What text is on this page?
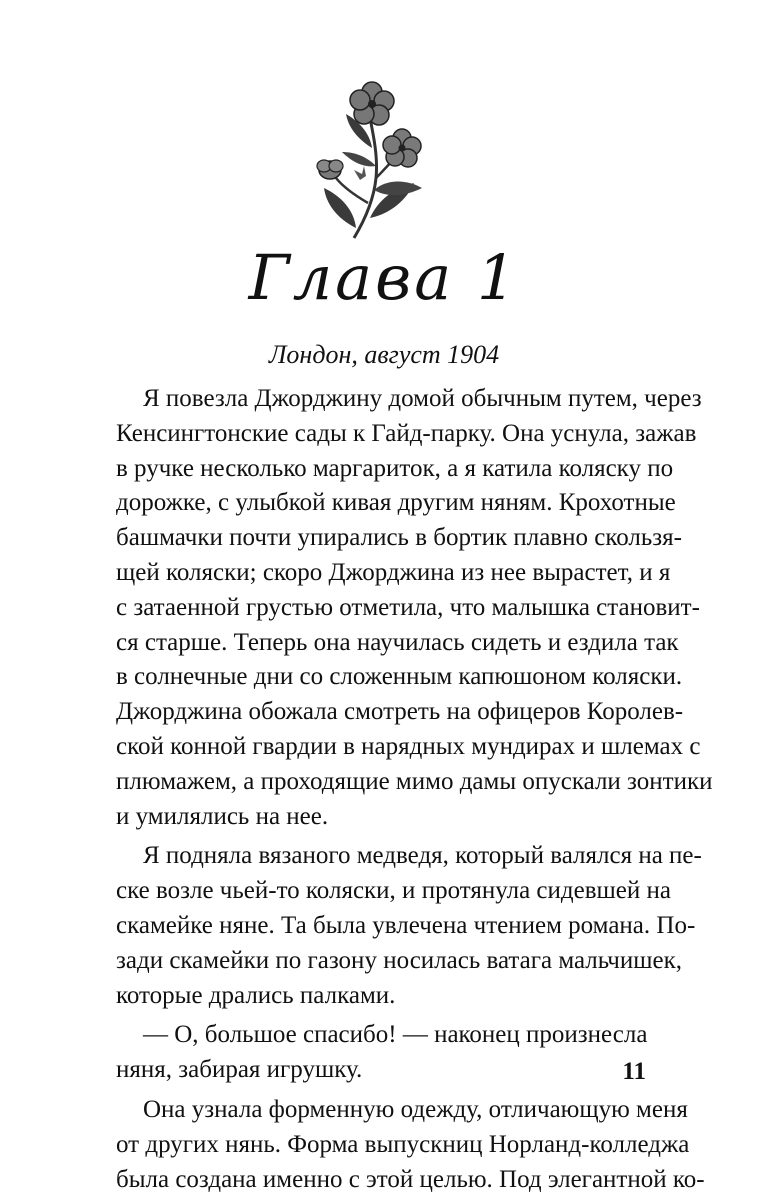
Глава 1
Лондон, август 1904
Я повезла Джорджину домой обычным путем, через
Кенсингтонские сады к Гайд-парку. Она уснула, зажав
в ручке несколько маргариток, а я катила коляску по
дорожке, с улыбкой кивая другим няням. Крохотные
башмачки почти упирались в бортик плавно скользя-
щей коляски; скоро Джорджина из нее вырастет, и я
с затаенной грустью отметила, что малышка становит-
ся старше. Теперь она научилась сидеть и ездила так
в солнечные дни со сложенным капюшоном коляски.
Джорджина обожала смотреть на офицеров Королев-
ской конной гвардии в нарядных мундирах и шлемах с
плюмажем, а проходящие мимо дамы опускали зонтики
и умилялись на нее.
Я подняла вязаного медведя, который валялся на пе-
ске возле чьей-то коляски, и протянула сидевшей на
скамейке няне. Та была увлечена чтением романа. По-
зади скамейки по газону носилась ватага мальчишек,
которые дрались палками.
— О, большое спасибо! — наконец произнесла
няня, забирая игрушку.
Она узнала форменную одежду, отличающую меня
от других нянь. Форма выпускниц Норланд-колледжа
была создана именно с этой целью. Под элегантной ко-
11
